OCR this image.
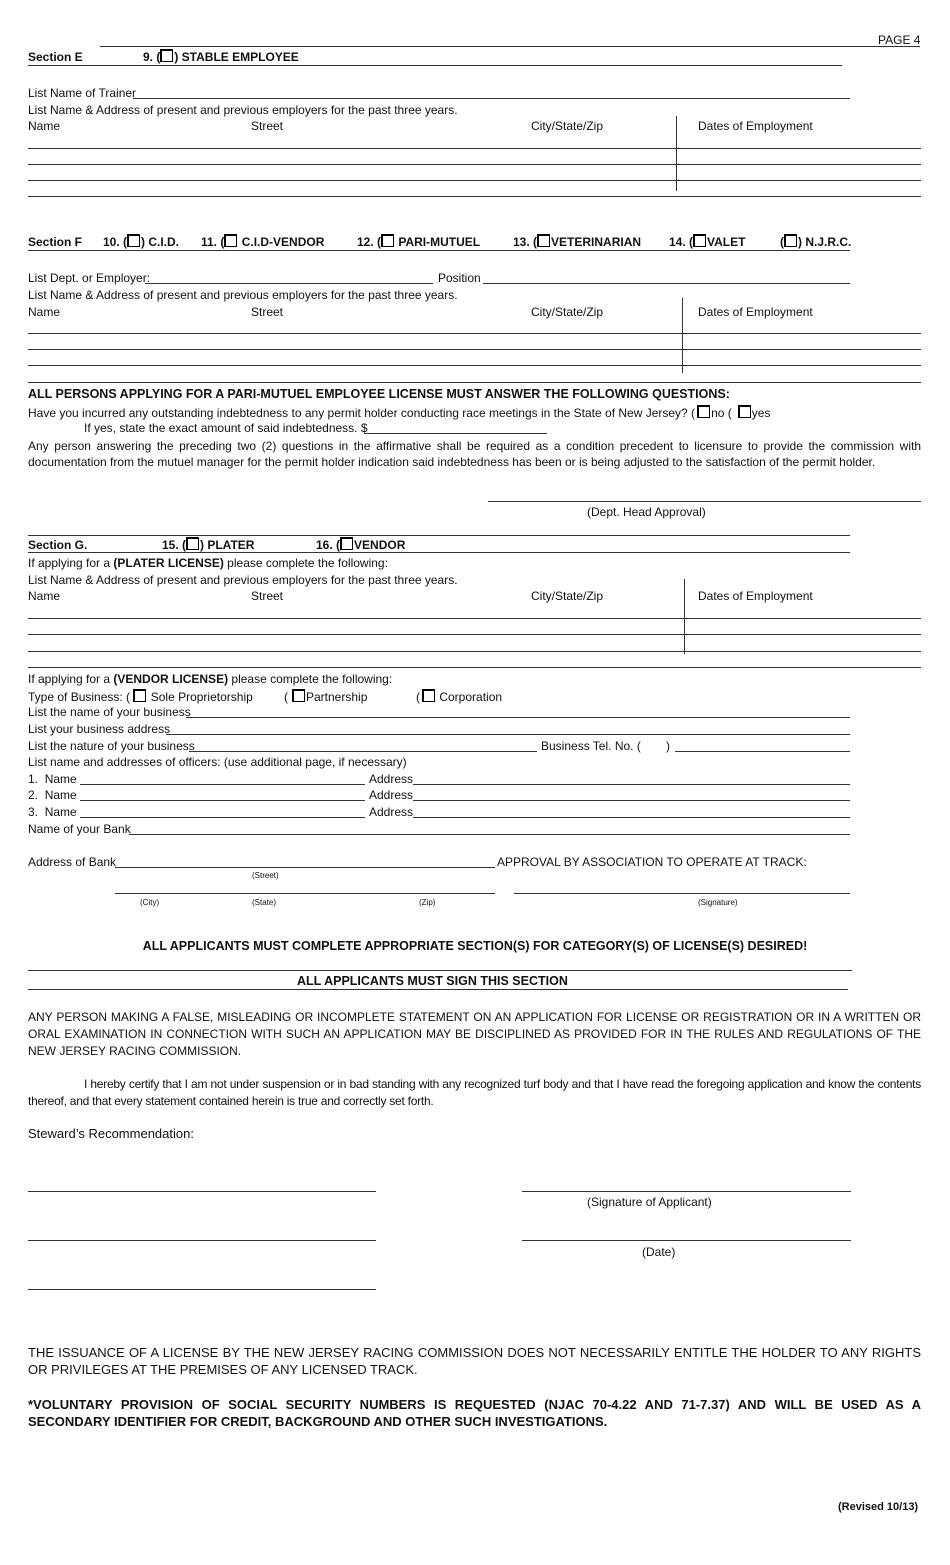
PAGE 4
Section E	9. ( ) STABLE EMPLOYEE
List Name of Trainer
List Name & Address of present and previous employers for the past three years.
Name	Street	City/State/Zip	Dates of Employment
Section F 10. ( ) C.I.D. 11. ( C.I.D-VENDOR	12. ( PARI-MUTUEL	13. ( VETERINARIAN 14. ( VALET	( ) N.J.R.C.
List Dept. or Employer:	Position
List Name & Address of present and previous employers for the past three years.
Name	Street	City/State/Zip	Dates of Employment
ALL PERSONS APPLYING FOR A PARI-MUTUEL EMPLOYEE LICENSE MUST ANSWER THE FOLLOWING QUESTIONS:
Have you incurred any outstanding indebtedness to any permit holder conducting race meetings in the State of New Jersey? ( no ( yes
If yes, state the exact amount of said indebtedness. $
Any person answering the preceding two (2) questions in the affirmative shall be required as a condition precedent to licensure to provide the commission with documentation from the mutuel manager for the permit holder indication said indebtedness has been or is being adjusted to the satisfaction of the permit holder.
(Dept. Head Approval)
Section G.	15. ( ) PLATER	16. ( VENDOR
If applying for a (PLATER LICENSE) please complete the following:
List Name & Address of present and previous employers for the past three years.
Name	Street	City/State/Zip	Dates of Employment
If applying for a (VENDOR LICENSE) please complete the following:
Type of Business: ( Sole Proprietorship	( Partnership	( Corporation
List the name of your business
List your business address
List the nature of your business	Business Tel. No. ( )
List name and addresses of officers: (use additional page, if necessary)
1. Name	Address
2. Name	Address
3. Name	Address
Name of your Bank
Address of Bank	APPROVAL BY ASSOCIATION TO OPERATE AT TRACK:
(Street)
(City)	(State)	(Zip)	(Signature)
ALL APPLICANTS MUST COMPLETE APPROPRIATE SECTION(S) FOR CATEGORY(S) OF LICENSE(S) DESIRED!
ALL APPLICANTS MUST SIGN THIS SECTION
ANY PERSON MAKING A FALSE, MISLEADING OR INCOMPLETE STATEMENT ON AN APPLICATION FOR LICENSE OR REGISTRATION OR IN A WRITTEN OR ORAL EXAMINATION IN CONNECTION WITH SUCH AN APPLICATION MAY BE DISCIPLINED AS PROVIDED FOR IN THE RULES AND REGULATIONS OF THE NEW JERSEY RACING COMMISSION.
I hereby certify that I am not under suspension or in bad standing with any recognized turf body and that I have read the foregoing application and know the contents thereof, and that every statement contained herein is true and correctly set forth.
Steward’s Recommendation:
(Signature of Applicant)
(Date)
THE ISSUANCE OF A LICENSE BY THE NEW JERSEY RACING COMMISSION DOES NOT NECESSARILY ENTITLE THE HOLDER TO ANY RIGHTS OR PRIVILEGES AT THE PREMISES OF ANY LICENSED TRACK.
*VOLUNTARY PROVISION OF SOCIAL SECURITY NUMBERS IS REQUESTED (NJAC 70-4.22 AND 71-7.37) AND WILL BE USED AS A SECONDARY IDENTIFIER FOR CREDIT, BACKGROUND AND OTHER SUCH INVESTIGATIONS.
(Revised 10/13)
